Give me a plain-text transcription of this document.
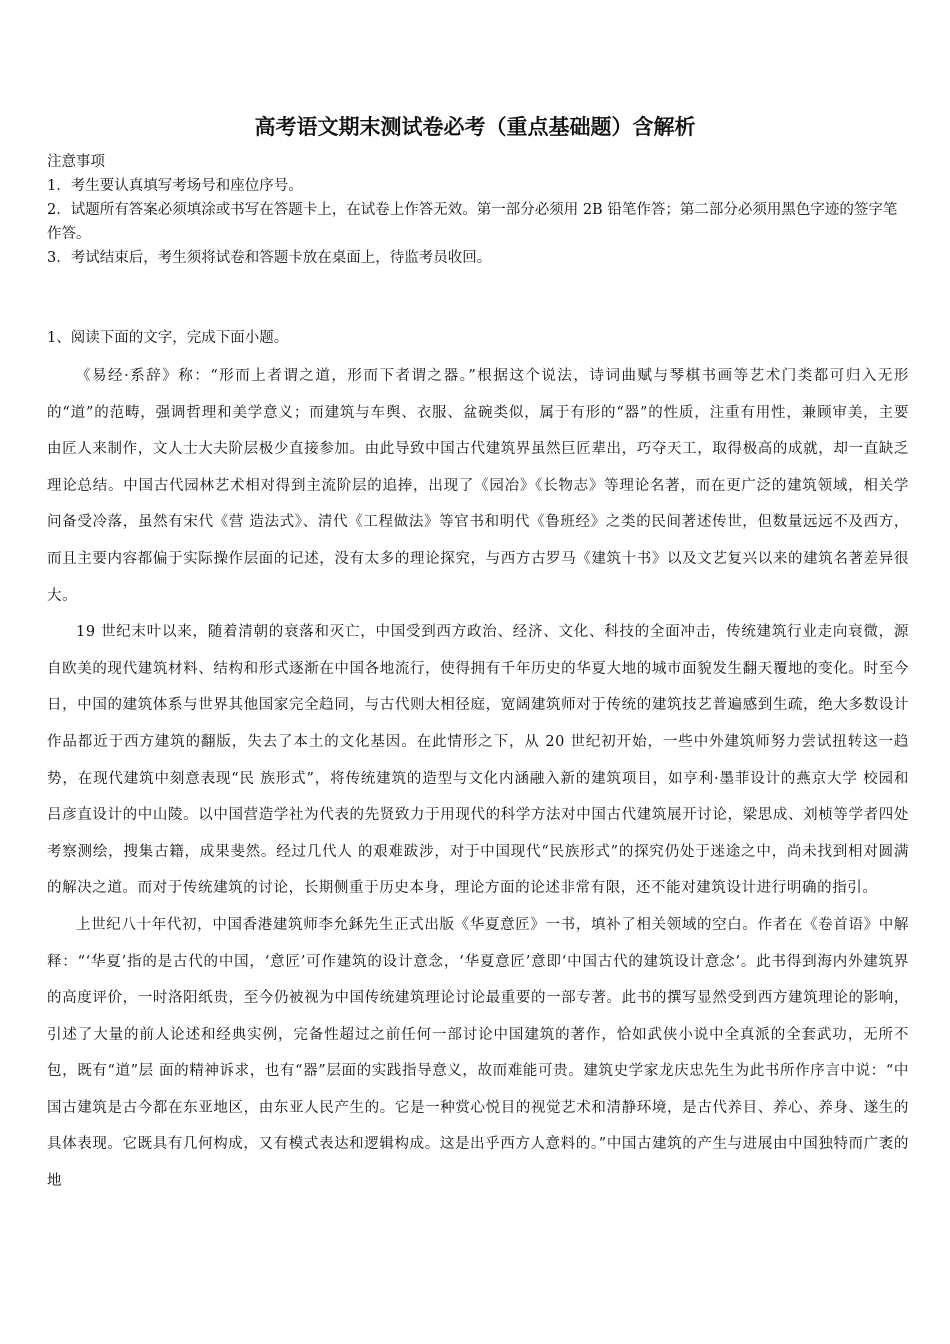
高考语文期末测试卷必考（重点基础题）含解析

注意事项

1．考生要认真填写考场号和座位序号。

2．试题所有答案必须填涂或书写在答题卡上，在试卷上作答无效。第一部分必须用 2B 铅笔作答；第二部分必须用黑色字迹的签字笔作答。

3．考试结束后，考生须将试卷和答题卡放在桌面上，待监考员收回。

1、阅读下面的文字，完成下面小题。

《易经·系辞》称：“形而上者谓之道，形而下者谓之器。”根据这个说法，诗词曲赋与琴棋书画等艺术门类都可归入无形的“道”的范畴，强调哲理和美学意义；而建筑与车舆、衣服、盆碗类似，属于有形的“器”的性质，注重有用性，兼顾审美，主要由匠人来制作，文人士大夫阶层极少直接参加。由此导致中国古代建筑界虽然巨匠辈出，巧夺天工，取得极高的成就，却一直缺乏理论总结。中国古代园林艺术相对得到主流阶层的追捧，出现了《园冶》《长物志》等理论名著，而在更广泛的建筑领域，相关学问备受冷落，虽然有宋代《营 造法式》、清代《工程做法》等官书和明代《鲁班经》之类的民间著述传世，但数量远远不及西方，而且主要内容都偏于实际操作层面的记述，没有太多的理论探究，与西方古罗马《建筑十书》以及文艺复兴以来的建筑名著差异很大。

19 世纪末叶以来，随着清朝的衰落和灭亡，中国受到西方政治、经济、文化、科技的全面冲击，传统建筑行业走向衰微，源自欧美的现代建筑材料、结构和形式逐渐在中国各地流行，使得拥有千年历史的华夏大地的城市面貌发生翻天覆地的变化。时至今日，中国的建筑体系与世界其他国家完全趋同，与古代则大相径庭，宽阔建筑师对于传统的建筑技艺普遍感到生疏，绝大多数设计作品都近于西方建筑的翻版，失去了本土的文化基因。在此情形之下，从 20 世纪初开始，一些中外建筑师努力尝试扭转这一趋势，在现代建筑中刻意表现“民 族形式”，将传统建筑的造型与文化内涵融入新的建筑项目，如亨利·墨菲设计的燕京大学 校园和吕彦直设计的中山陵。以中国营造学社为代表的先贤致力于用现代的科学方法对中国古代建筑展开讨论，梁思成、刘桢等学者四处考察测绘，搜集古籍，成果斐然。经过几代人 的艰难跋涉，对于中国现代“民族形式”的探究仍处于迷途之中，尚未找到相对圆满的解决之道。而对于传统建筑的讨论，长期侧重于历史本身，理论方面的论述非常有限，还不能对建筑设计进行明确的指引。

上世纪八十年代初，中国香港建筑师李允鉌先生正式出版《华夏意匠》一书，填补了相关领域的空白。作者在《卷首语》中解释：“‘华夏’指的是古代的中国，‘意匠’可作建筑的设计意念，‘华夏意匠’意即‘中国古代的建筑设计意念’。此书得到海内外建筑界的高度评价，一时洛阳纸贵，至今仍被视为中国传统建筑理论讨论最重要的一部专著。此书的撰写显然受到西方建筑理论的影响，引述了大量的前人论述和经典实例，完备性超过之前任何一部讨论中国建筑的著作，恰如武侠小说中全真派的全套武功，无所不包，既有“道”层 面的精神诉求，也有“器”层面的实践指导意义，故而难能可贵。建筑史学家龙庆忠先生为此书所作序言中说：“中国古建筑是古今都在东亚地区，由东亚人民产生的。它是一种赏心悦目的视觉艺术和清静环境，是古代养目、养心、养身、遂生的具体表现。它既具有几何构成，又有模式表达和逻辑构成。这是出乎西方人意料的。”中国古建筑的产生与进展由中国独特而广袤的地
